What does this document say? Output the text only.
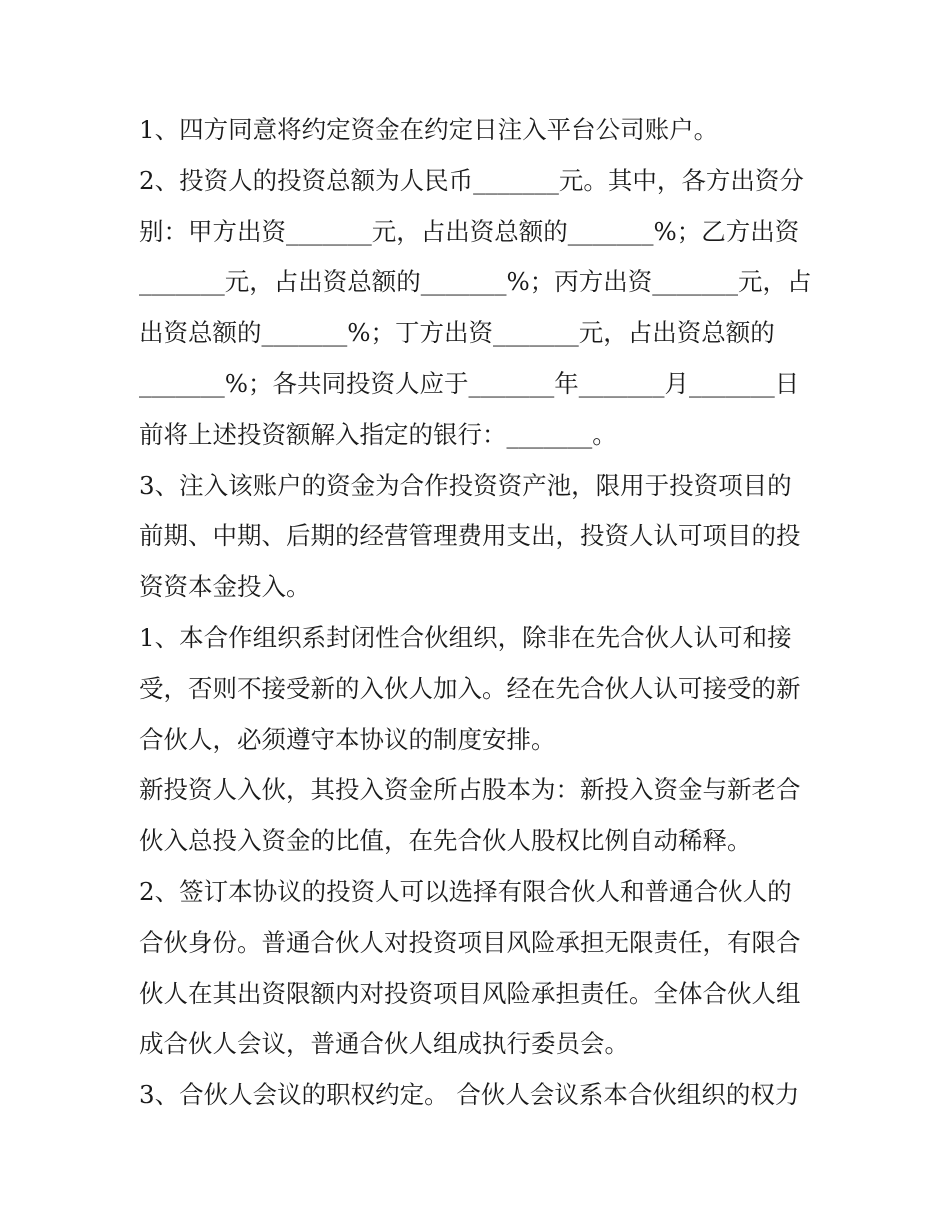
1、四方同意将约定资金在约定日注入平台公司账户。
2、投资人的投资总额为人民币_______元。其中，各方出资分
别：甲方出资_______元，占出资总额的_______%；乙方出资
_______元，占出资总额的_______%；丙方出资_______元，占
出资总额的_______%；丁方出资_______元，占出资总额的
_______%；各共同投资人应于_______年_______月_______日
前将上述投资额解入指定的银行：_______。
3、注入该账户的资金为合作投资资产池，限用于投资项目的
前期、中期、后期的经营管理费用支出，投资人认可项目的投
资资本金投入。
1、本合作组织系封闭性合伙组织，除非在先合伙人认可和接
受，否则不接受新的入伙人加入。经在先合伙人认可接受的新
合伙人，必须遵守本协议的制度安排。
新投资人入伙，其投入资金所占股本为：新投入资金与新老合
伙入总投入资金的比值，在先合伙人股权比例自动稀释。
2、签订本协议的投资人可以选择有限合伙人和普通合伙人的
合伙身份。普通合伙人对投资项目风险承担无限责任，有限合
伙人在其出资限额内对投资项目风险承担责任。全体合伙人组
成合伙人会议，普通合伙人组成执行委员会。
3、合伙人会议的职权约定。 合伙人会议系本合伙组织的权力
